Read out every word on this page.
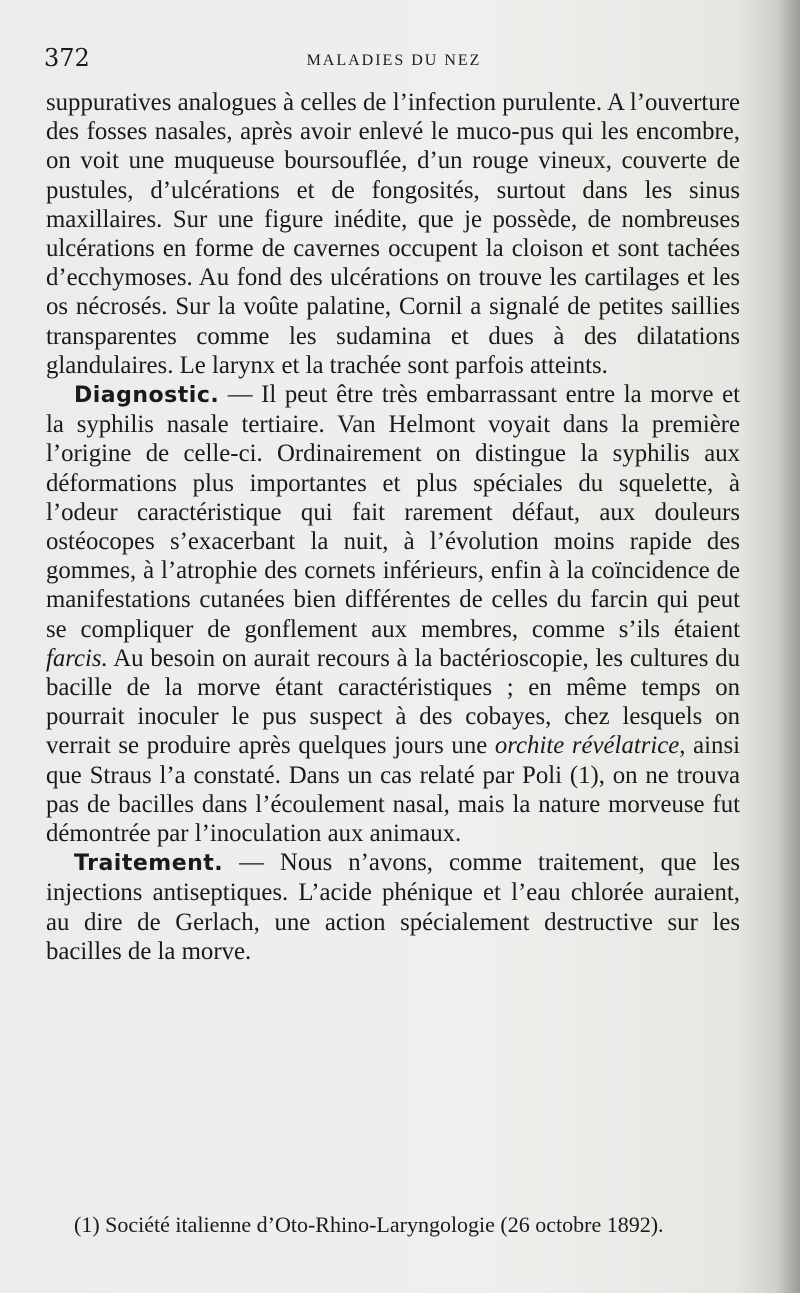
372	MALADIES DU NEZ

suppuratives analogues à celles de l’infection purulente. A l’ouverture des fosses nasales, après avoir enlevé le muco-pus qui les encombre, on voit une muqueuse boursouflée, d’un rouge vineux, couverte de pustules, d’ulcérations et de fongosités, surtout dans les sinus maxillaires. Sur une figure inédite, que je possède, de nombreuses ulcérations en forme de cavernes occupent la cloison et sont tachées d’ecchymoses. Au fond des ulcérations on trouve les cartilages et les os nécrosés. Sur la voûte palatine, Cornil a signalé de petites saillies transparentes comme les sudamina et dues à des dilatations glandulaires. Le larynx et la trachée sont parfois atteints.

Diagnostic. — Il peut être très embarrassant entre la morve et la syphilis nasale tertiaire. Van Helmont voyait dans la première l’origine de celle-ci. Ordinairement on distingue la syphilis aux déformations plus importantes et plus spéciales du squelette, à l’odeur caractéristique qui fait rarement défaut, aux douleurs ostéocopes s’exacerbant la nuit, à l’évolution moins rapide des gommes, à l’atrophie des cornets inférieurs, enfin à la coïncidence de manifestations cutanées bien différentes de celles du farcin qui peut se compliquer de gonflement aux membres, comme s’ils étaient farcis. Au besoin on aurait recours à la bactérioscopie, les cultures du bacille de la morve étant caractéristiques ; en même temps on pourrait inoculer le pus suspect à des cobayes, chez lesquels on verrait se produire après quelques jours une orchite révélatrice, ainsi que Straus l’a constaté. Dans un cas relaté par Poli (1), on ne trouva pas de bacilles dans l’écoulement nasal, mais la nature morveuse fut démontrée par l’inoculation aux animaux.

Traitement. — Nous n’avons, comme traitement, que les injections antiseptiques. L’acide phénique et l’eau chlorée auraient, au dire de Gerlach, une action spécialement destructive sur les bacilles de la morve.

(1) Société italienne d’Oto-Rhino-Laryngologie (26 octobre 1892).
